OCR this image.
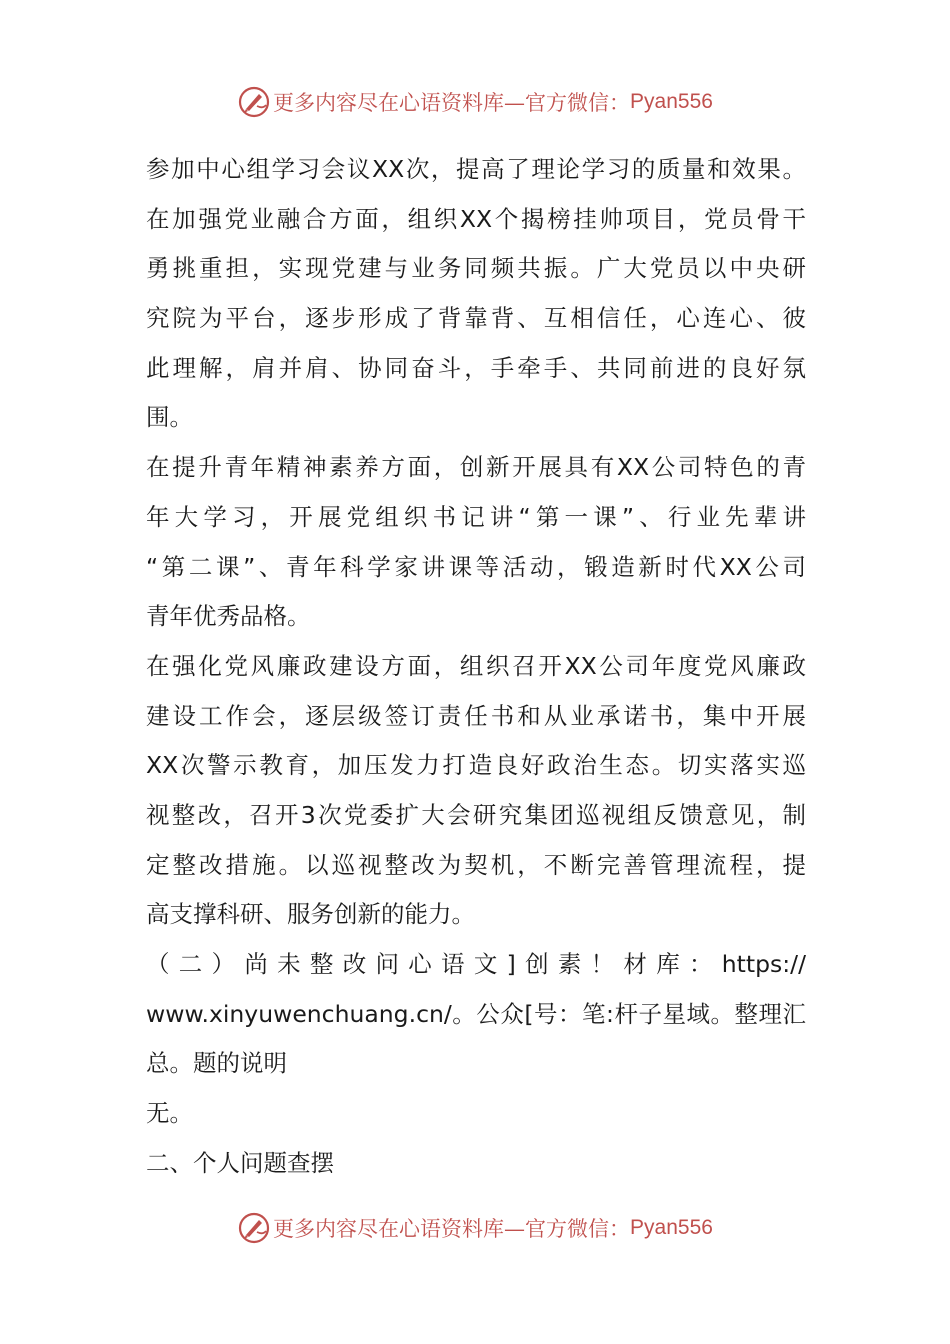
更多内容尽在心语资料库—官方微信： Pyan556
参加中心组学习会议XX次，提高了理论学习的质量和效果。
在加强党业融合方面，组织XX个揭榜挂帅项目，党员骨干
勇挑重担，实现党建与业务同频共振。广大党员以中央研
究院为平台，逐步形成了背靠背、互相信任，心连心、彼
此理解，肩并肩、协同奋斗，手牵手、共同前进的良好氛
围。
在提升青年精神素养方面，创新开展具有XX公司特色的青
年大学习，开展党组织书记讲“第一课”、行业先辈讲
“第二课”、青年科学家讲课等活动，锻造新时代XX公司
青年优秀品格。
在强化党风廉政建设方面，组织召开XX公司年度党风廉政
建设工作会，逐层级签订责任书和从业承诺书，集中开展
XX次警示教育，加压发力打造良好政治生态。切实落实巡
视整改，召开3次党委扩大会研究集团巡视组反馈意见，制
定整改措施。以巡视整改为契机，不断完善管理流程，提
高支撑科研、服务创新的能力。
（二）尚未整改问心语文]创素！材库：https://
www.xinyuwenchuang.cn/。公众[号：笔:杆子星域。整理汇
总。题的说明
无。
二、个人问题查摆
更多内容尽在心语资料库—官方微信： Pyan556
